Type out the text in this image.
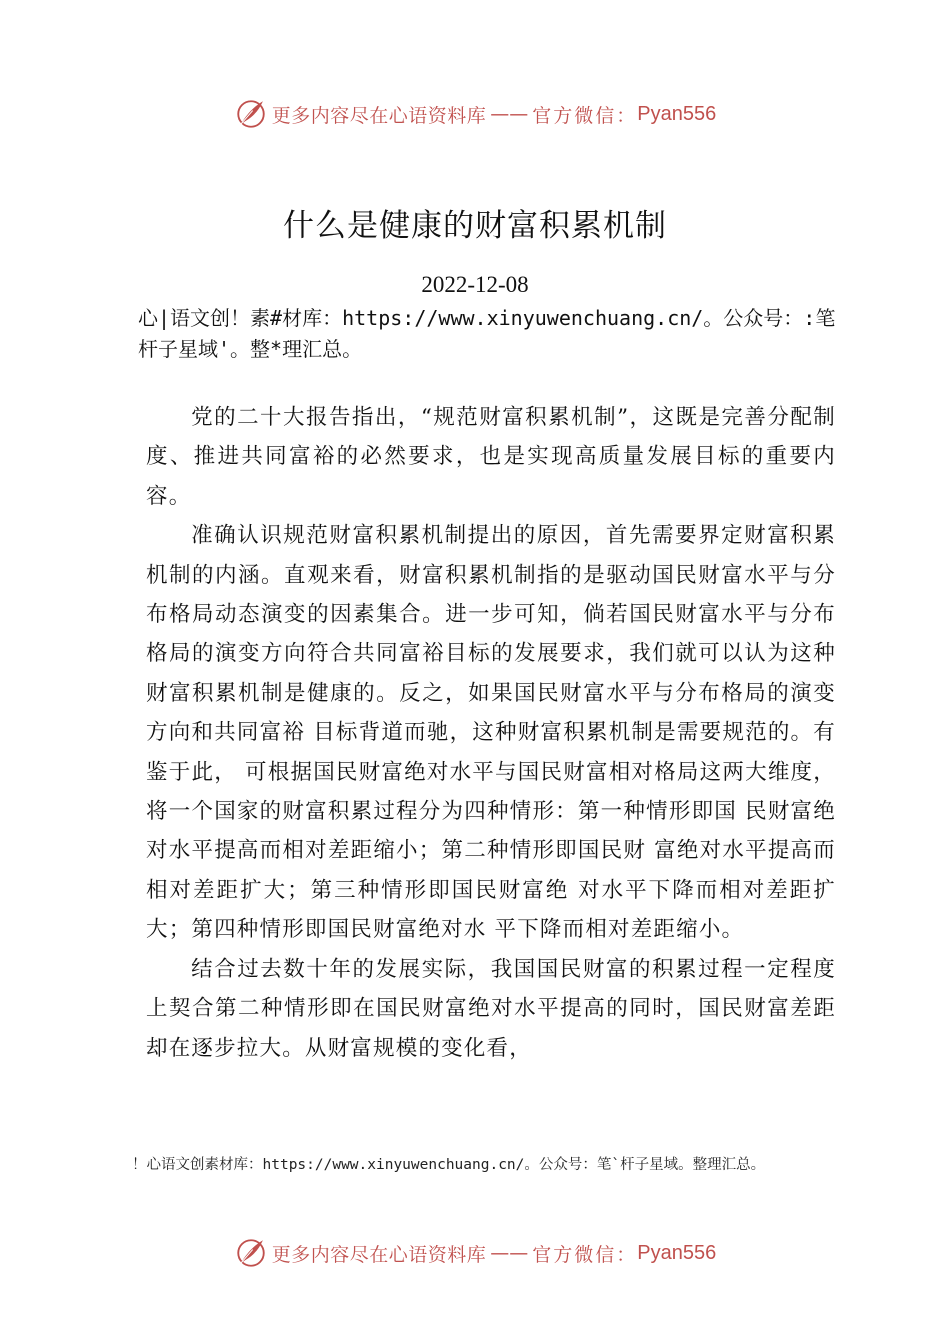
更多内容尽在心语资料库 —— 官方微信： Pyan556
什么是健康的财富积累机制
2022-12-08
心|语文创！素#材库：https://www.xinyuwenchuang.cn/。公众号：:笔杆子星域'。整*理汇总。

党的二十大报告指出，“规范财富积累机制”，这既是完善分配制度、推进共同富裕的必然要求，也是实现高质量发展目标的重要内容。

准确认识规范财富积累机制提出的原因，首先需要界定财富积累机制的内涵。直观来看，财富积累机制指的是驱动国民财富水平与分布格局动态演变的因素集合。进一步可知，倘若国民财富水平与分布格局的演变方向符合共同富裕目标的发展要求，我们就可以认为这种财富积累机制是健康的。反之，如果国民财富水平与分布格局的演变方向和共同富裕 目标背道而驰，这种财富积累机制是需要规范的。有鉴于此， 可根据国民财富绝对水平与国民财富相对格局这两大维度， 将一个国家的财富积累过程分为四种情形：第一种情形即国 民财富绝对水平提高而相对差距缩小；第二种情形即国民财 富绝对水平提高而相对差距扩大；第三种情形即国民财富绝 对水平下降而相对差距扩大；第四种情形即国民财富绝对水 平下降而相对差距缩小。

结合过去数十年的发展实际，我国国民财富的积累过程一定程度上契合第二种情形即在国民财富绝对水平提高的同时，国民财富差距却在逐步拉大。从财富规模的变化看，

！心语文创素材库：https://www.xinyuwenchuang.cn/。公众号：笔`杆子星域。整理汇总。
更多内容尽在心语资料库 —— 官方微信： Pyan556
